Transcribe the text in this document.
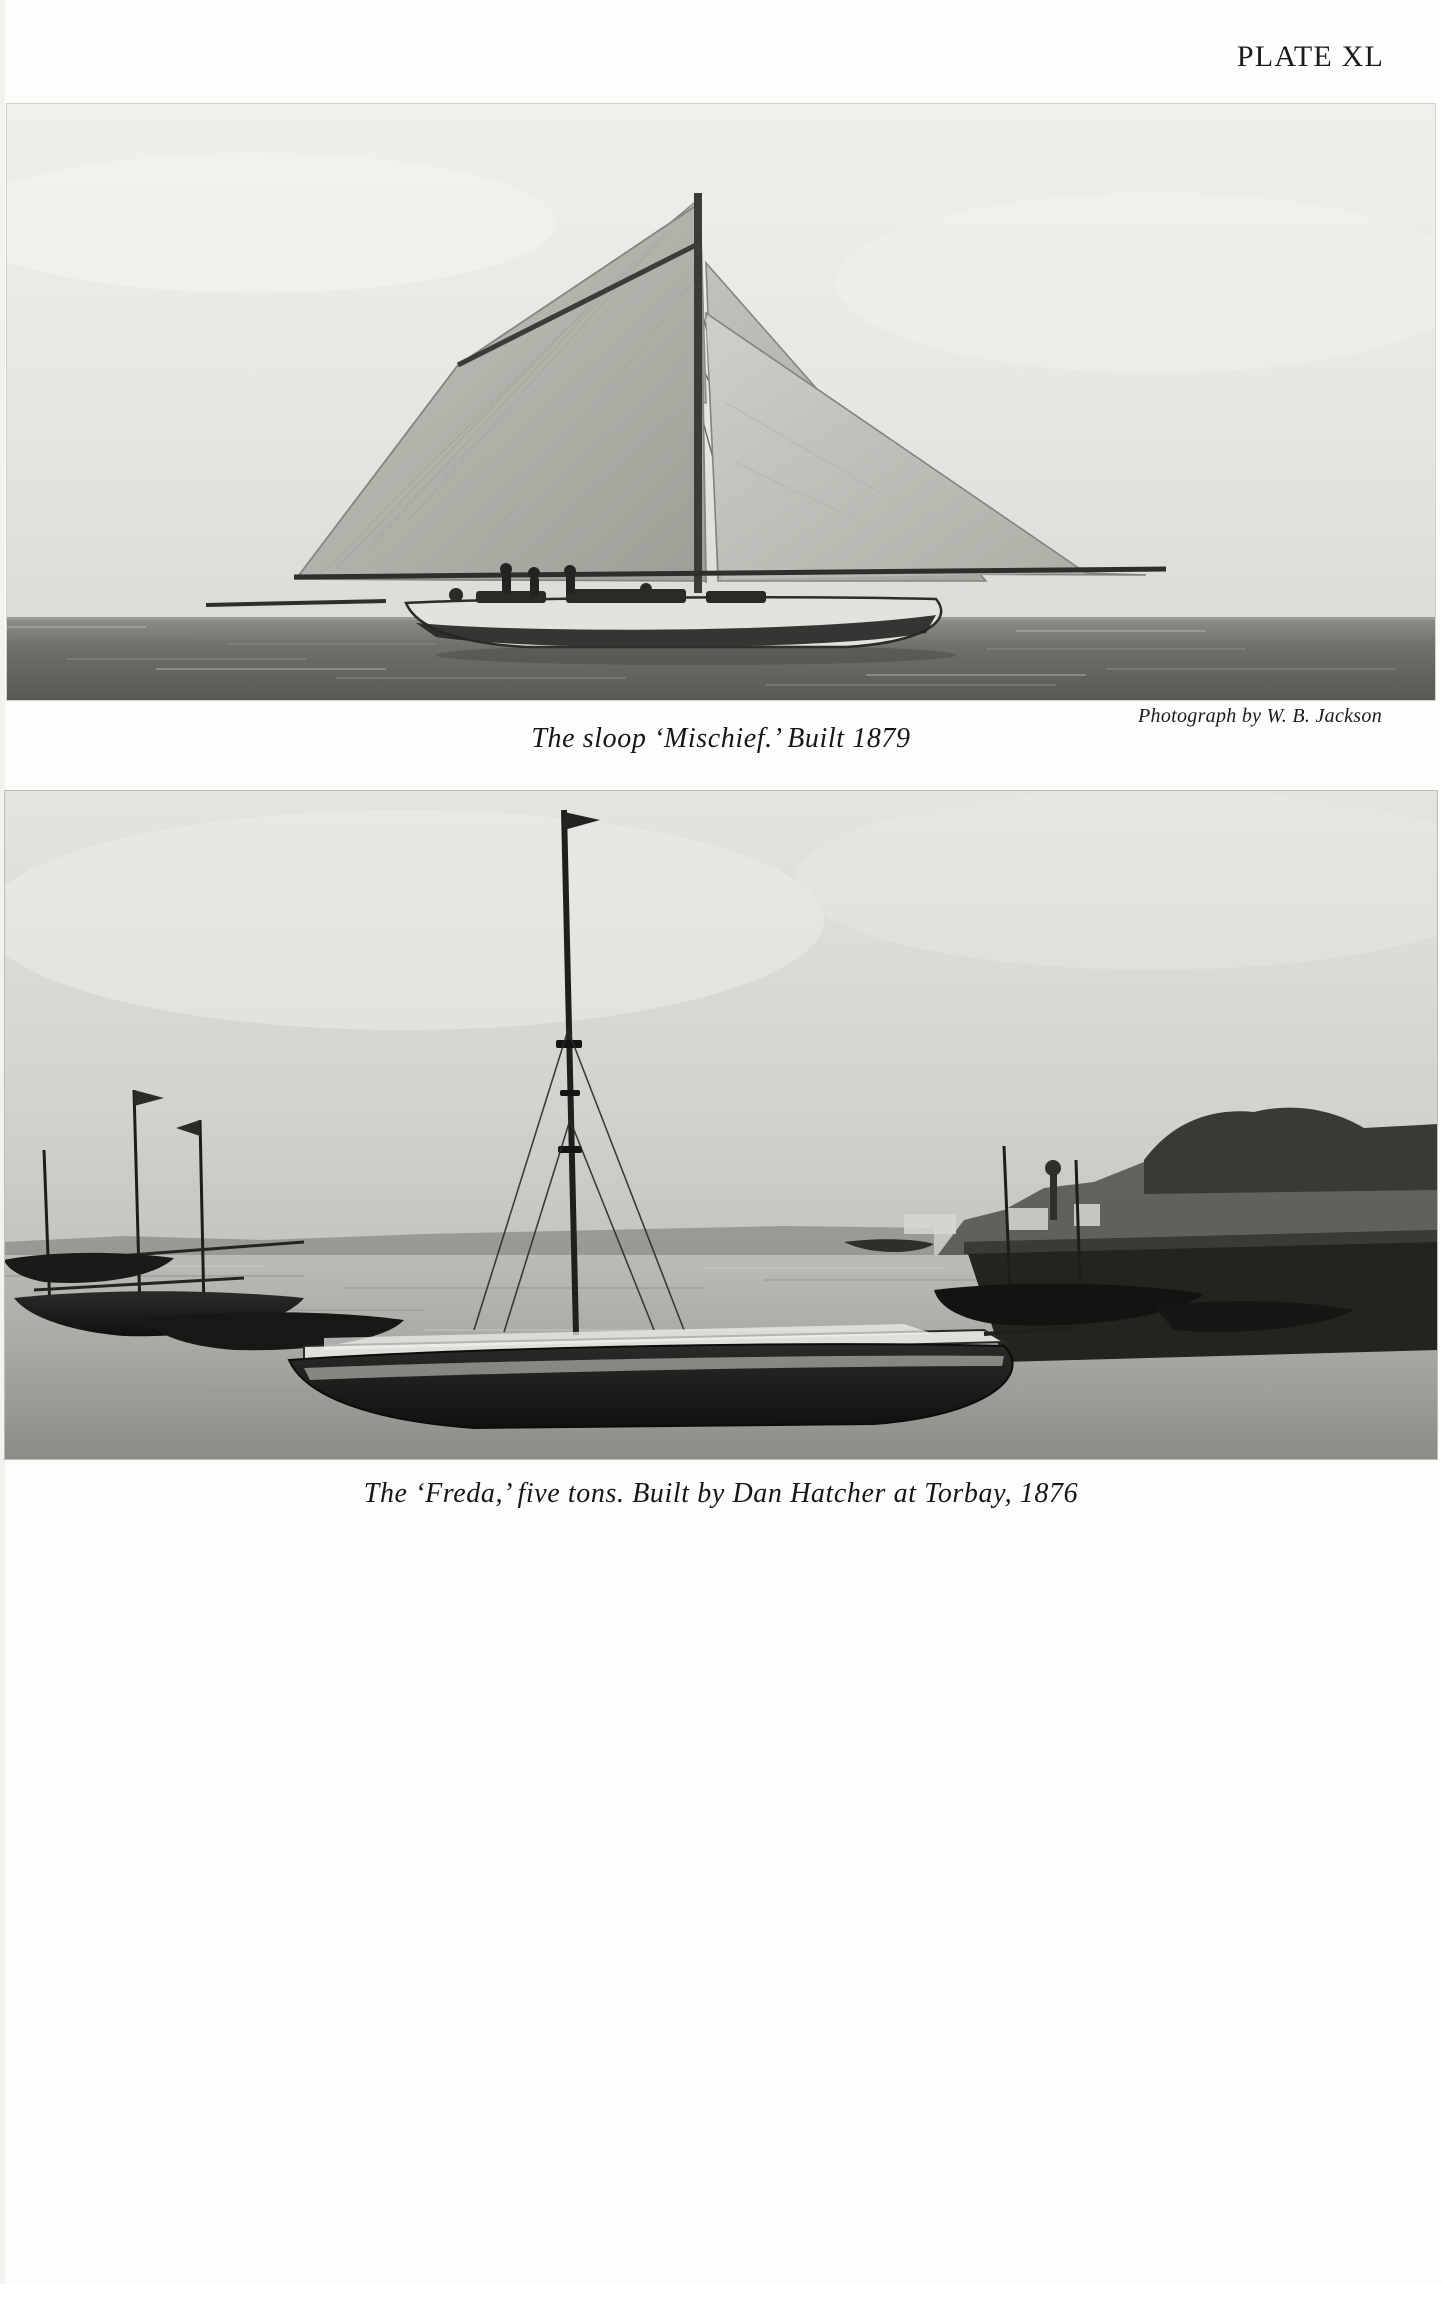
PLATE XL
Photograph by W. B. Jackson
The sloop ‘Mischief.’ Built 1879
The ‘Freda,’ five tons. Built by Dan Hatcher at Torbay, 1876
